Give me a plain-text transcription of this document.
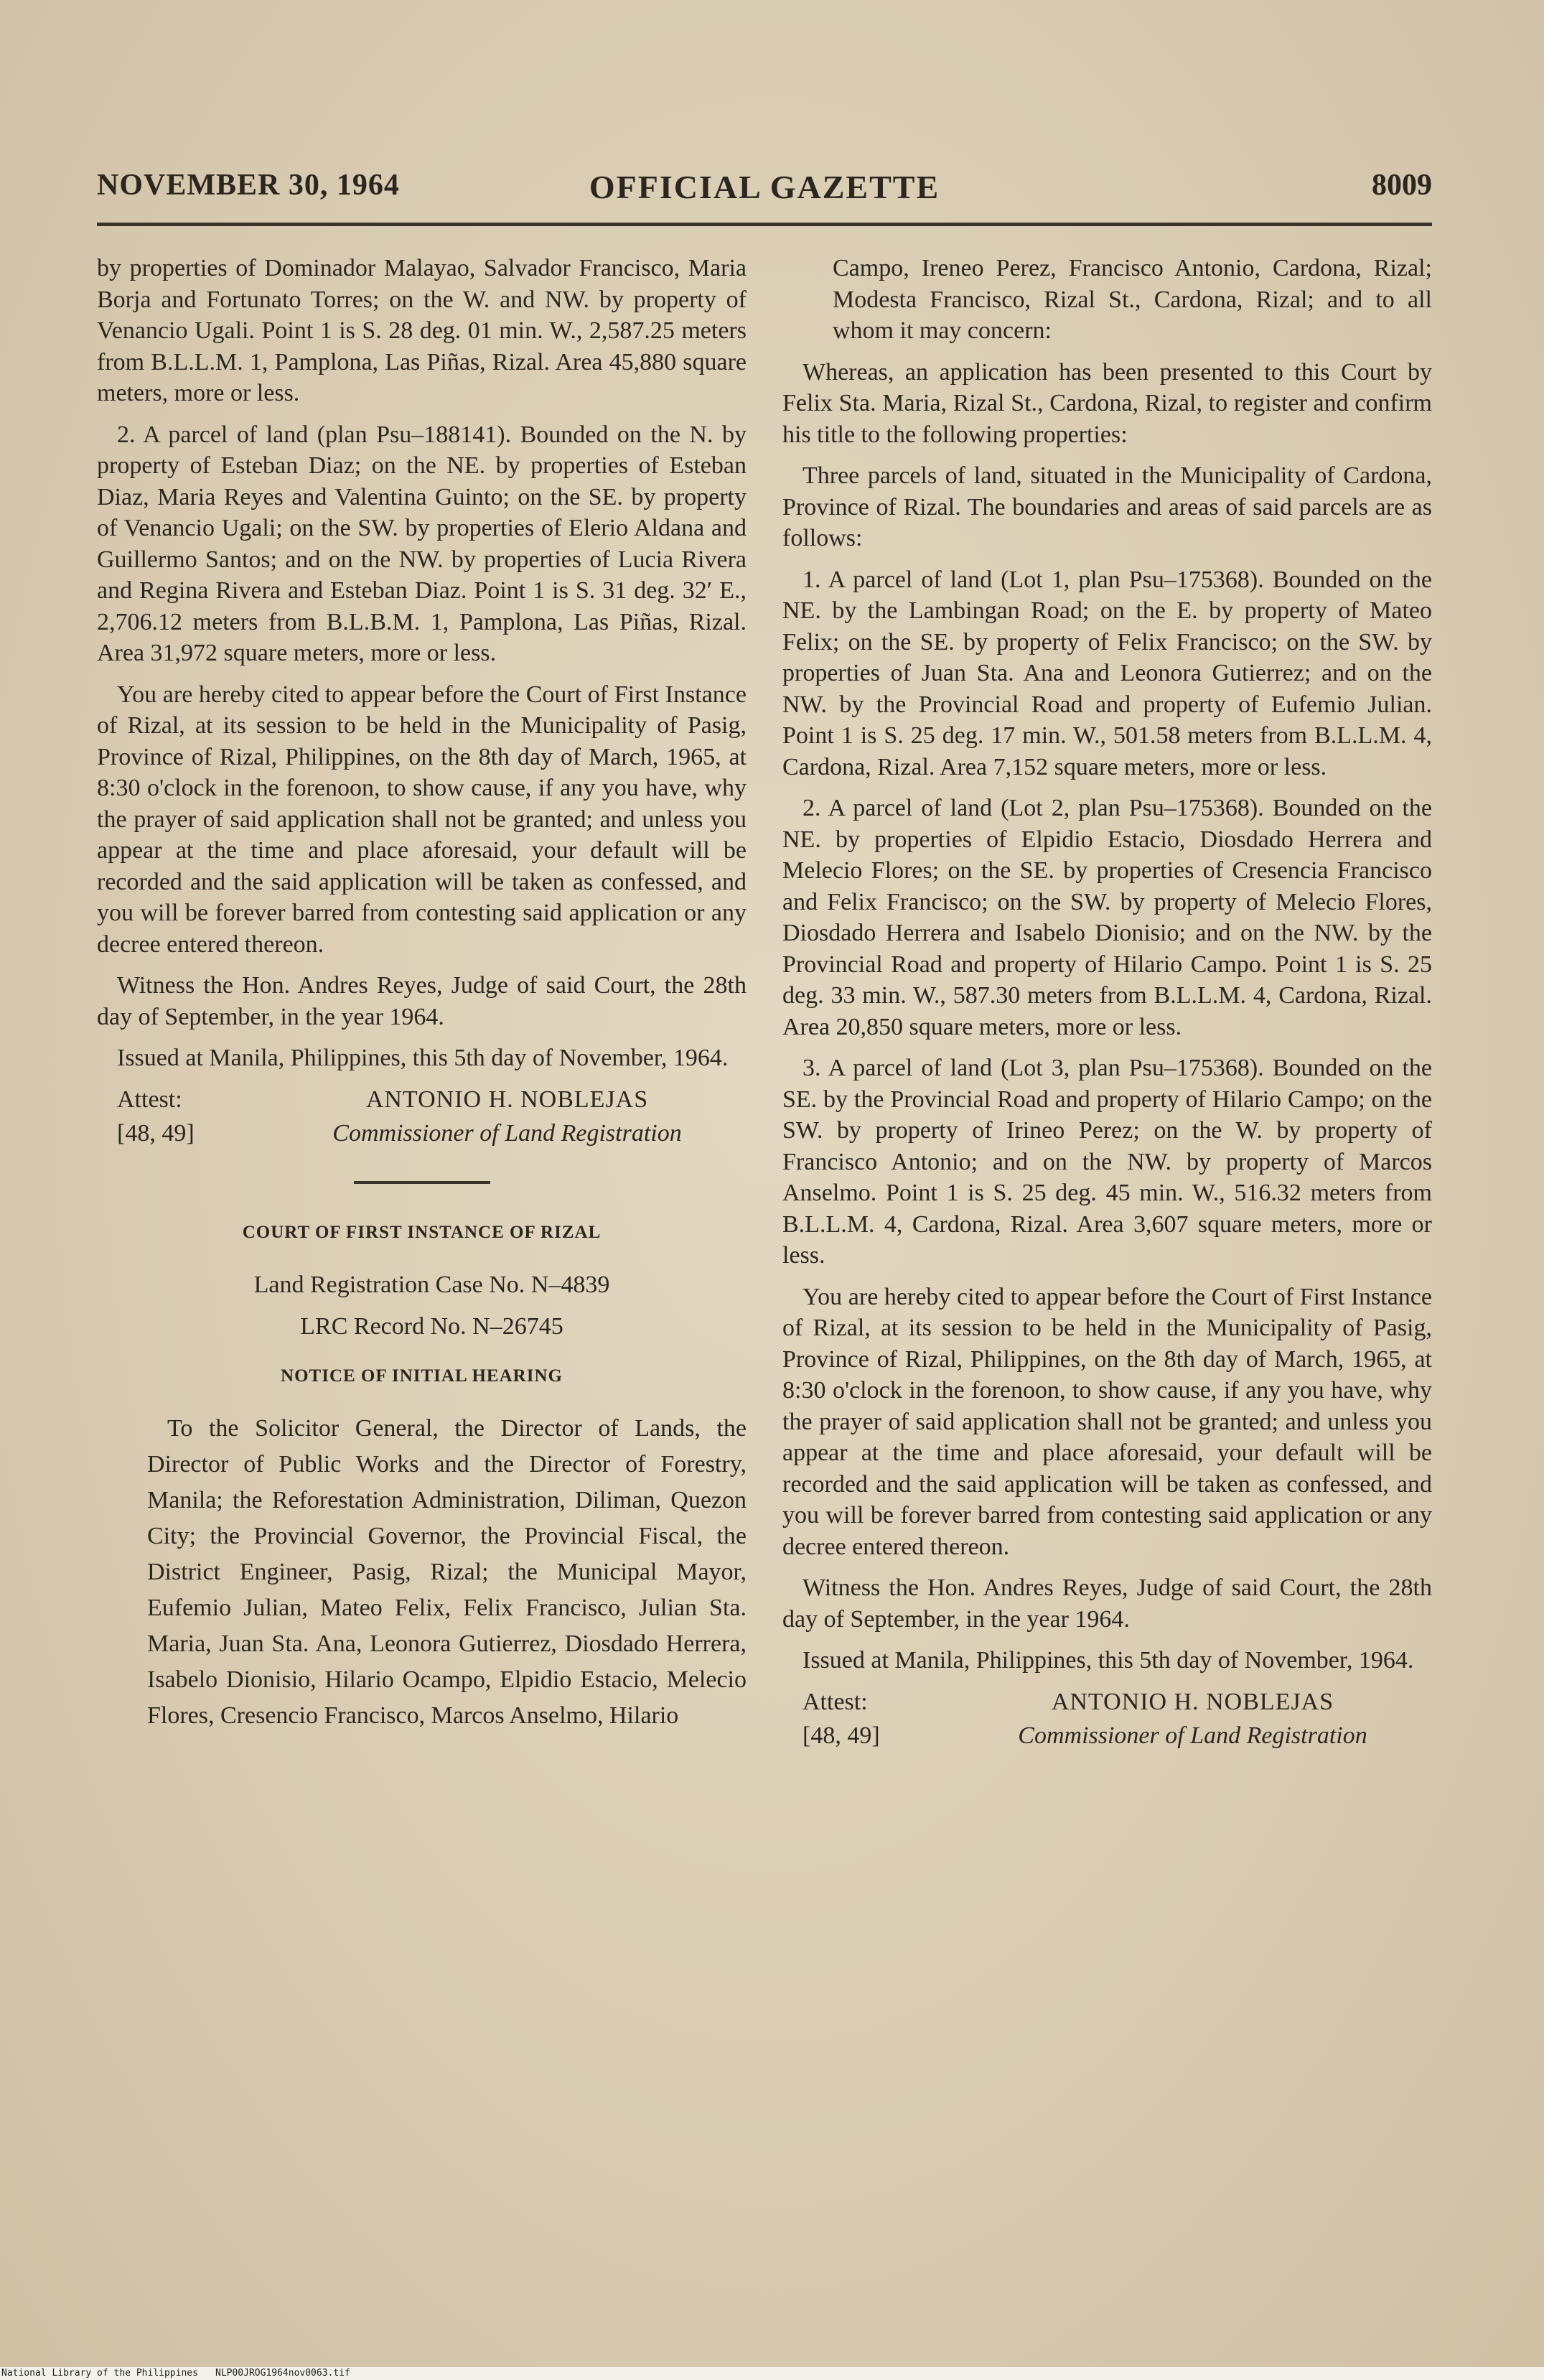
NOVEMBER 30, 1964	OFFICIAL GAZETTE	8009

by properties of Dominador Malayao, Salvador Francisco, Maria Borja and Fortunato Torres; on the W. and NW. by property of Venancio Ugali. Point 1 is S. 28 deg. 01 min. W., 2,587.25 meters from B.L.L.M. 1, Pamplona, Las Piñas, Rizal. Area 45,880 square meters, more or less.

2. A parcel of land (plan Psu–188141). Bounded on the N. by property of Esteban Diaz; on the NE. by properties of Esteban Diaz, Maria Reyes and Valentina Guinto; on the SE. by property of Venancio Ugali; on the SW. by properties of Elerio Aldana and Guillermo Santos; and on the NW. by properties of Lucia Rivera and Regina Rivera and Esteban Diaz. Point 1 is S. 31 deg. 32′ E., 2,706.12 meters from B.L.B.M. 1, Pamplona, Las Piñas, Rizal. Area 31,972 square meters, more or less.

You are hereby cited to appear before the Court of First Instance of Rizal, at its session to be held in the Municipality of Pasig, Province of Rizal, Philippines, on the 8th day of March, 1965, at 8:30 o'clock in the forenoon, to show cause, if any you have, why the prayer of said application shall not be granted; and unless you appear at the time and place aforesaid, your default will be recorded and the said application will be taken as confessed, and you will be forever barred from contesting said application or any decree entered thereon.

Witness the Hon. Andres Reyes, Judge of said Court, the 28th day of September, in the year 1964.

Issued at Manila, Philippines, this 5th day of November, 1964.

Attest:	ANTONIO H. NOBLEJAS
[48, 49]	Commissioner of Land Registration
COURT OF FIRST INSTANCE OF RIZAL

Land Registration Case No. N–4839

LRC Record No. N–26745

NOTICE OF INITIAL HEARING

To the Solicitor General, the Director of Lands, the Director of Public Works and the Director of Forestry, Manila; the Reforestation Administration, Diliman, Quezon City; the Provincial Governor, the Provincial Fiscal, the District Engineer, Pasig, Rizal; the Municipal Mayor, Eufemio Julian, Mateo Felix, Felix Francisco, Julian Sta. Maria, Juan Sta. Ana, Leonora Gutierrez, Diosdado Herrera, Isabelo Dionisio, Hilario Ocampo, Elpidio Estacio, Melecio Flores, Cresencio Francisco, Marcos Anselmo, Hilario

Campo, Ireneo Perez, Francisco Antonio, Cardona, Rizal; Modesta Francisco, Rizal St., Cardona, Rizal; and to all whom it may concern:

Whereas, an application has been presented to this Court by Felix Sta. Maria, Rizal St., Cardona, Rizal, to register and confirm his title to the following properties:

Three parcels of land, situated in the Municipality of Cardona, Province of Rizal. The boundaries and areas of said parcels are as follows:

1. A parcel of land (Lot 1, plan Psu–175368). Bounded on the NE. by the Lambingan Road; on the E. by property of Mateo Felix; on the SE. by property of Felix Francisco; on the SW. by properties of Juan Sta. Ana and Leonora Gutierrez; and on the NW. by the Provincial Road and property of Eufemio Julian. Point 1 is S. 25 deg. 17 min. W., 501.58 meters from B.L.L.M. 4, Cardona, Rizal. Area 7,152 square meters, more or less.

2. A parcel of land (Lot 2, plan Psu–175368). Bounded on the NE. by properties of Elpidio Estacio, Diosdado Herrera and Melecio Flores; on the SE. by properties of Cresencia Francisco and Felix Francisco; on the SW. by property of Melecio Flores, Diosdado Herrera and Isabelo Dionisio; and on the NW. by the Provincial Road and property of Hilario Campo. Point 1 is S. 25 deg. 33 min. W., 587.30 meters from B.L.L.M. 4, Cardona, Rizal. Area 20,850 square meters, more or less.

3. A parcel of land (Lot 3, plan Psu–175368). Bounded on the SE. by the Provincial Road and property of Hilario Campo; on the SW. by property of Irineo Perez; on the W. by property of Francisco Antonio; and on the NW. by property of Marcos Anselmo. Point 1 is S. 25 deg. 45 min. W., 516.32 meters from B.L.L.M. 4, Cardona, Rizal. Area 3,607 square meters, more or less.

You are hereby cited to appear before the Court of First Instance of Rizal, at its session to be held in the Municipality of Pasig, Province of Rizal, Philippines, on the 8th day of March, 1965, at 8:30 o'clock in the forenoon, to show cause, if any you have, why the prayer of said application shall not be granted; and unless you appear at the time and place aforesaid, your default will be recorded and the said application will be taken as confessed, and you will be forever barred from contesting said application or any decree entered thereon.

Witness the Hon. Andres Reyes, Judge of said Court, the 28th day of September, in the year 1964.

Issued at Manila, Philippines, this 5th day of November, 1964.

Attest:	ANTONIO H. NOBLEJAS
[48, 49]	Commissioner of Land Registration
National Library of the Philippines NLP00JROG1964nov0063.tif
